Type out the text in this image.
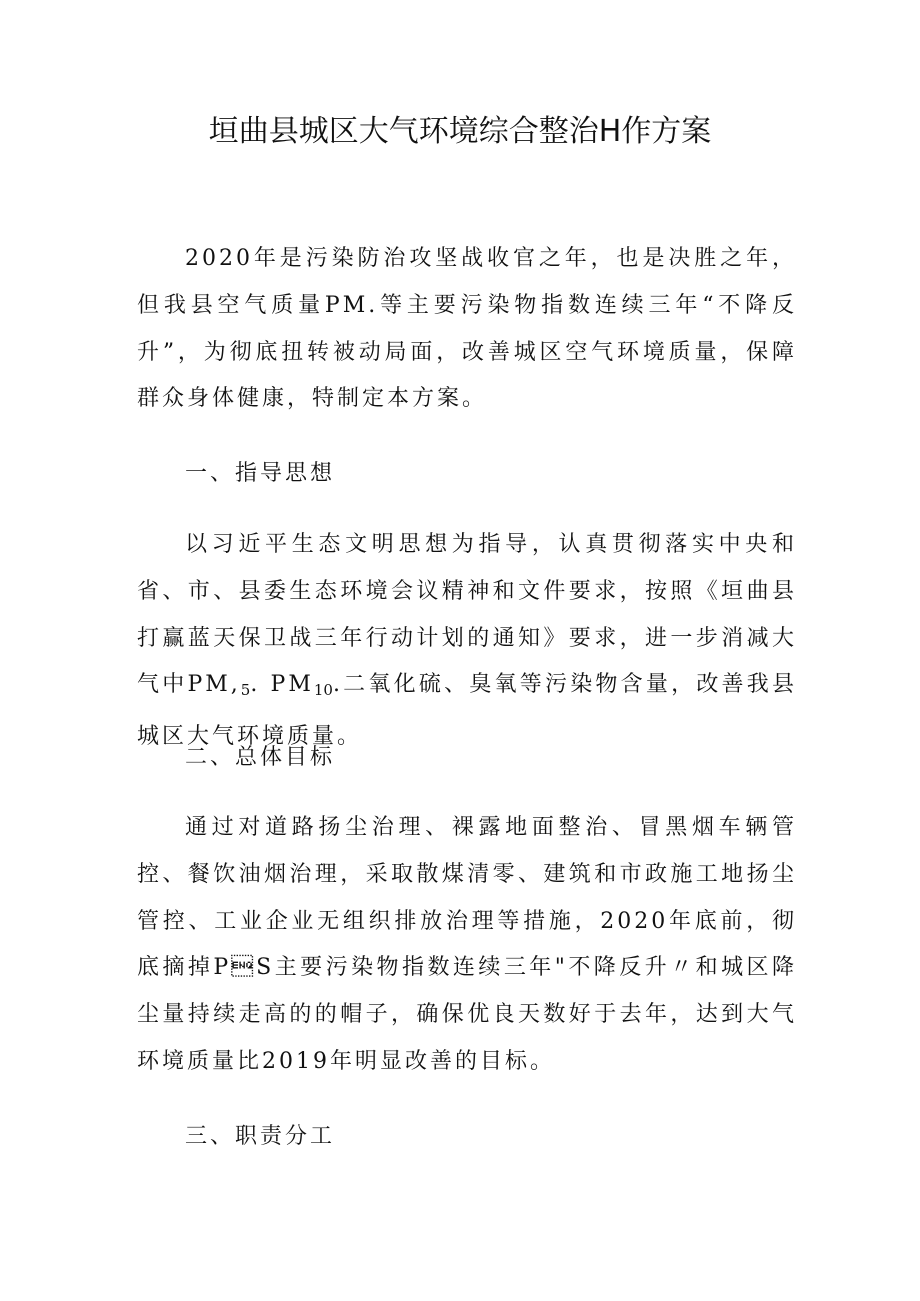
垣曲县城区大气环境综合整治H作方案

2020年是污染防治攻坚战收官之年，也是决胜之年，但我县空气质量PM.等主要污染物指数连续三年“不降反升”，为彻底扭转被动局面，改善城区空气环境质量，保障群众身体健康，特制定本方案。

一、指导思想

以习近平生态文明思想为指导，认真贯彻落实中央和省、市、县委生态环境会议精神和文件要求，按照《垣曲县打赢蓝天保卫战三年行动计划的通知》要求，进一步消减大气中$PM,_5$. $PM_{10}$.二氧化硫、臭氧等污染物含量，改善我县城区大气环境质量。

二、总体目标

通过对道路扬尘治理、裸露地面整治、冒黑烟车辆管控、餐饮油烟治理，采取散煤清零、建筑和市政施工地扬尘管控、工业企业无组织排放治理等措施，2020年底前，彻底摘掉PS主要污染物指数连续三年"不降反升〃和城区降尘量持续走高的的帽子，确保优良天数好于去年，达到大气环境质量比2019年明显改善的目标。

三、职责分工
